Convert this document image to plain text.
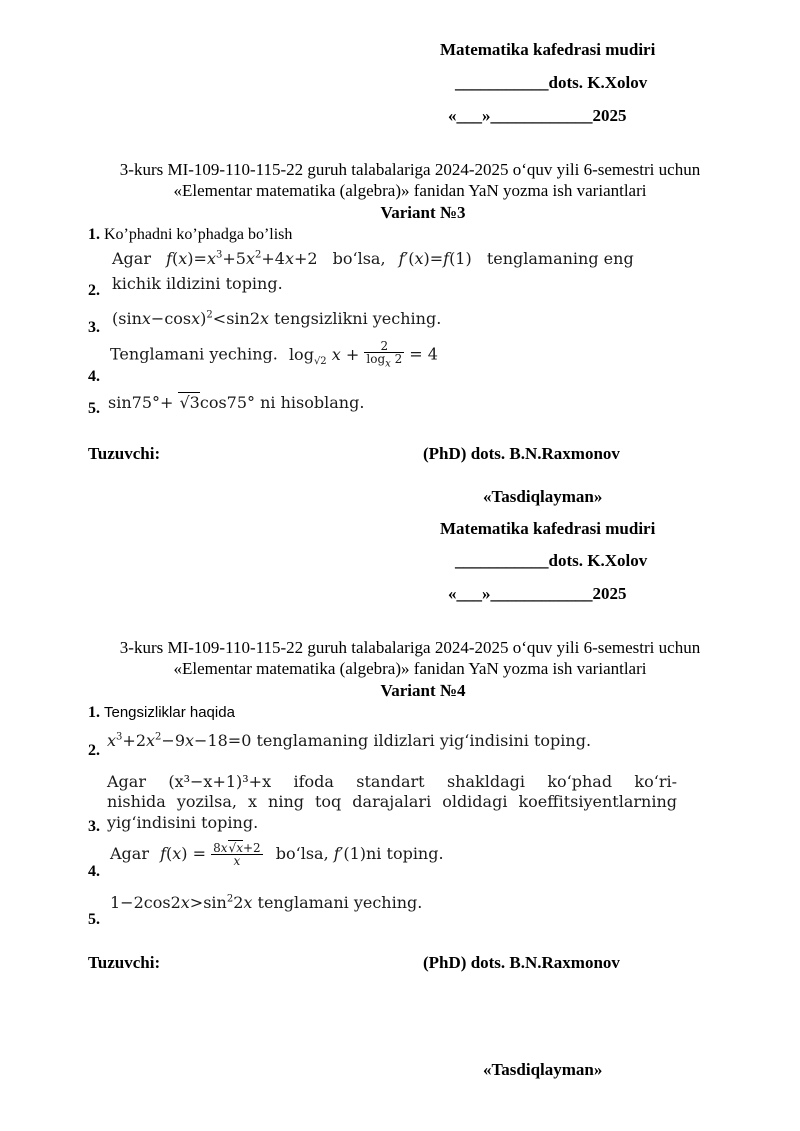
Matematika kafedrasi mudiri
___________dots. K.Xolov
«___»____________2025
3-kurs MI-109-110-115-22 guruh talabalariga 2024-2025 o‘quv yili 6-semestri uchun
«Elementar matematika (algebra)» fanidan YaN yozma ish variantlari
Variant №3
1. Ko’phadni ko’phadga bo’lish
Agar $f(x)=x^3+5x^2+4x+2$ bo‘lsa, f′(x)=f(1) tenglamaning eng
2. kichik ildizini toping.
3. $(\sin x-\cos x)^2<\sin 2x$ tengsizlikni yeching.
4.
Tenglamani yeching. $\log_{√2} x + \frac{2}{\log_x 2} = 4$
5. sin75°+ √3cos75° ni hisoblang.
Tuzuvchi:	(PhD) dots. B.N.Raxmonov
«Tasdiqlayman»
Matematika kafedrasi mudiri
___________dots. K.Xolov
«___»____________2025
3-kurs MI-109-110-115-22 guruh talabalariga 2024-2025 o‘quv yili 6-semestri uchun
«Elementar matematika (algebra)» fanidan YaN yozma ish variantlari
Variant №4
1. Tengsizliklar haqida
2.
$x^3+2x^2-9x-18=0$ tenglamaning ildizlari yig‘indisini toping.
Agar (x³−x+1)³+x ifoda standart shakldagi ko‘phad ko‘ri-
nishida yozilsa, x ning toq darajalari oldidagi koeffitsiyentlarning
3. yig‘indisini toping.
4.
Agar $f(x) = \frac{8x√x+2}{x}$ bo‘lsa, f′(1)ni toping.
5.
$1-2\cos 2x>\sin^22x$ tenglamani yeching.
Tuzuvchi:	(PhD) dots. B.N.Raxmonov
«Tasdiqlayman»
